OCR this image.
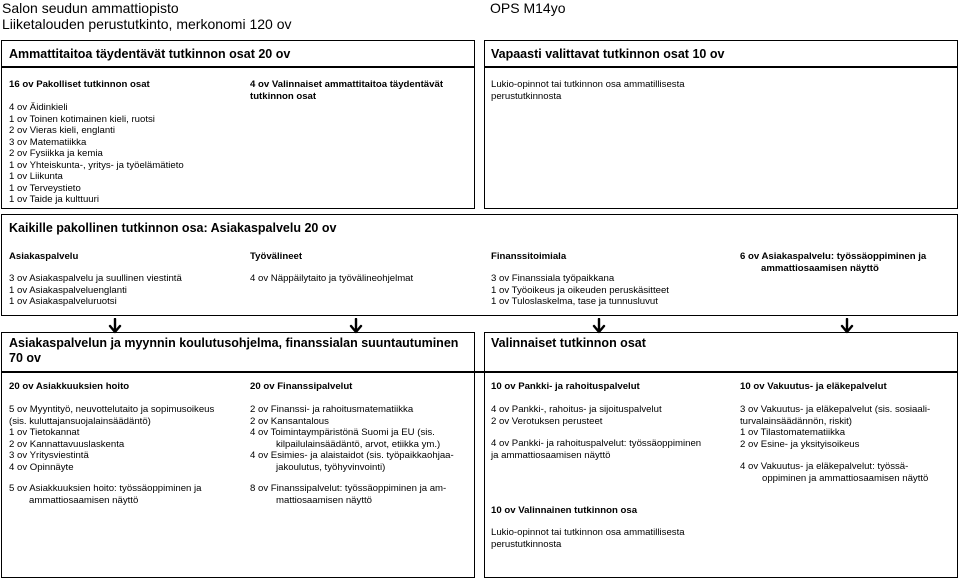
Salon seudun ammattiopisto
Liiketalouden perustutkinto, merkonomi 120 ov
OPS M14yo
Ammattitaitoa täydentävät tutkinnon osat 20 ov
16 ov Pakolliset tutkinnon osat
4 ov Äidinkieli
1 ov Toinen kotimainen kieli, ruotsi
2 ov Vieras kieli, englanti
3 ov Matematiikka
2 ov Fysiikka ja kemia
1 ov Yhteiskunta-, yritys- ja työelämätieto
1 ov Liikunta
1 ov Terveystieto
1 ov Taide ja kulttuuri
4 ov Valinnaiset ammattitaitoa täydentävät
tutkinnon osat
Vapaasti valittavat tutkinnon osat 10 ov
Lukio-opinnot tai tutkinnon osa ammatillisesta
perustutkinnosta
Kaikille pakollinen tutkinnon osa: Asiakaspalvelu 20 ov
Asiakaspalvelu
3 ov Asiakaspalvelu ja suullinen viestintä
1 ov Asiakaspalveluenglanti
1 ov Asiakaspalveluruotsi
Työvälineet
4 ov Näppäilytaito ja työvälineohjelmat
Finanssitoimiala
3 ov Finanssiala työpaikkana
1 ov Työoikeus ja oikeuden peruskäsitteet
1 ov Tuloslaskelma, tase ja tunnusluvut
6 ov Asiakaspalvelu: työssäoppiminen ja
ammattiosaamisen näyttö
Asiakaspalvelun ja myynnin koulutusohjelma, finanssialan suuntautuminen
70 ov
20 ov Asiakkuuksien hoito
5 ov Myyntityö, neuvottelutaito ja sopimusoikeus
(sis. kuluttajansuojalainsäädäntö)
1 ov Tietokannat
2 ov Kannattavuuslaskenta
3 ov Yritysviestintä
4 ov Opinnäyte
5 ov Asiakkuuksien hoito: työssäoppiminen ja
ammattiosaamisen näyttö
20 ov Finanssipalvelut
2 ov Finanssi- ja rahoitusmatematiikka
2 ov Kansantalous
4 ov Toimintaympäristönä Suomi ja EU (sis.
kilpailulainsäädäntö, arvot, etiikka ym.)
4 ov Esimies- ja alaistaidot (sis. työpaikkaohjaa-
jakoulutus, työhyvinvointi)
8 ov Finanssipalvelut: työssäoppiminen ja am-
mattiosaamisen näyttö
Valinnaiset tutkinnon osat
10 ov Pankki- ja rahoituspalvelut
4 ov Pankki-, rahoitus- ja sijoituspalvelut
2 ov Verotuksen perusteet
4 ov Pankki- ja rahoituspalvelut: työssäoppiminen
ja ammattiosaamisen näyttö
10 ov Valinnainen tutkinnon osa
Lukio-opinnot tai tutkinnon osa ammatillisesta
perustutkinnosta
10 ov Vakuutus- ja eläkepalvelut
3 ov Vakuutus- ja eläkepalvelut (sis. sosiaali-
turvalainsäädännön, riskit)
1 ov Tilastomatematiikka
2 ov Esine- ja yksityisoikeus
4 ov Vakuutus- ja eläkepalvelut: työssä-
oppiminen ja ammattiosaamisen näyttö
